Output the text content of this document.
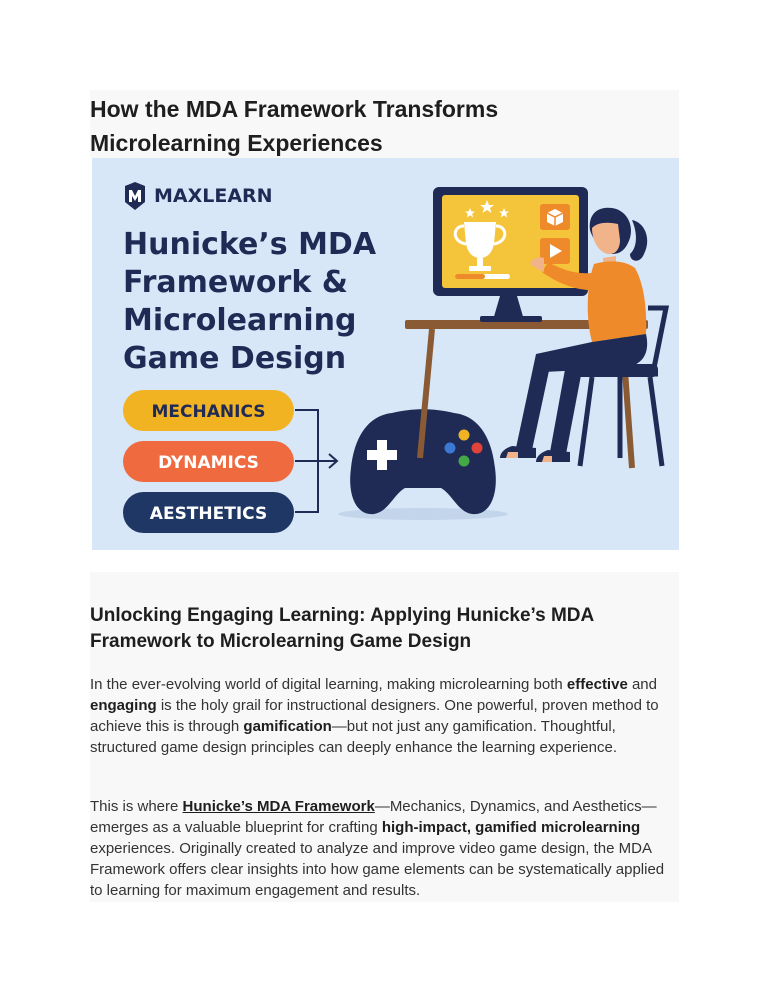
How the MDA Framework Transforms Microlearning Experiences
MAXLEARN
Hunicke’s MDA
Framework &
Microlearning
Game Design
MECHANICS
DYNAMICS
AESTHETICS
Unlocking Engaging Learning: Applying Hunicke’s MDA Framework to Microlearning Game Design

In the ever-evolving world of digital learning, making microlearning both effective and engaging is the holy grail for instructional designers. One powerful, proven method to achieve this is through gamification—but not just any gamification. Thoughtful, structured game design principles can deeply enhance the learning experience.

This is where Hunicke’s MDA Framework—Mechanics, Dynamics, and Aesthetics—emerges as a valuable blueprint for crafting high-impact, gamified microlearning experiences. Originally created to analyze and improve video game design, the MDA Framework offers clear insights into how game elements can be systematically applied to learning for maximum engagement and results.
